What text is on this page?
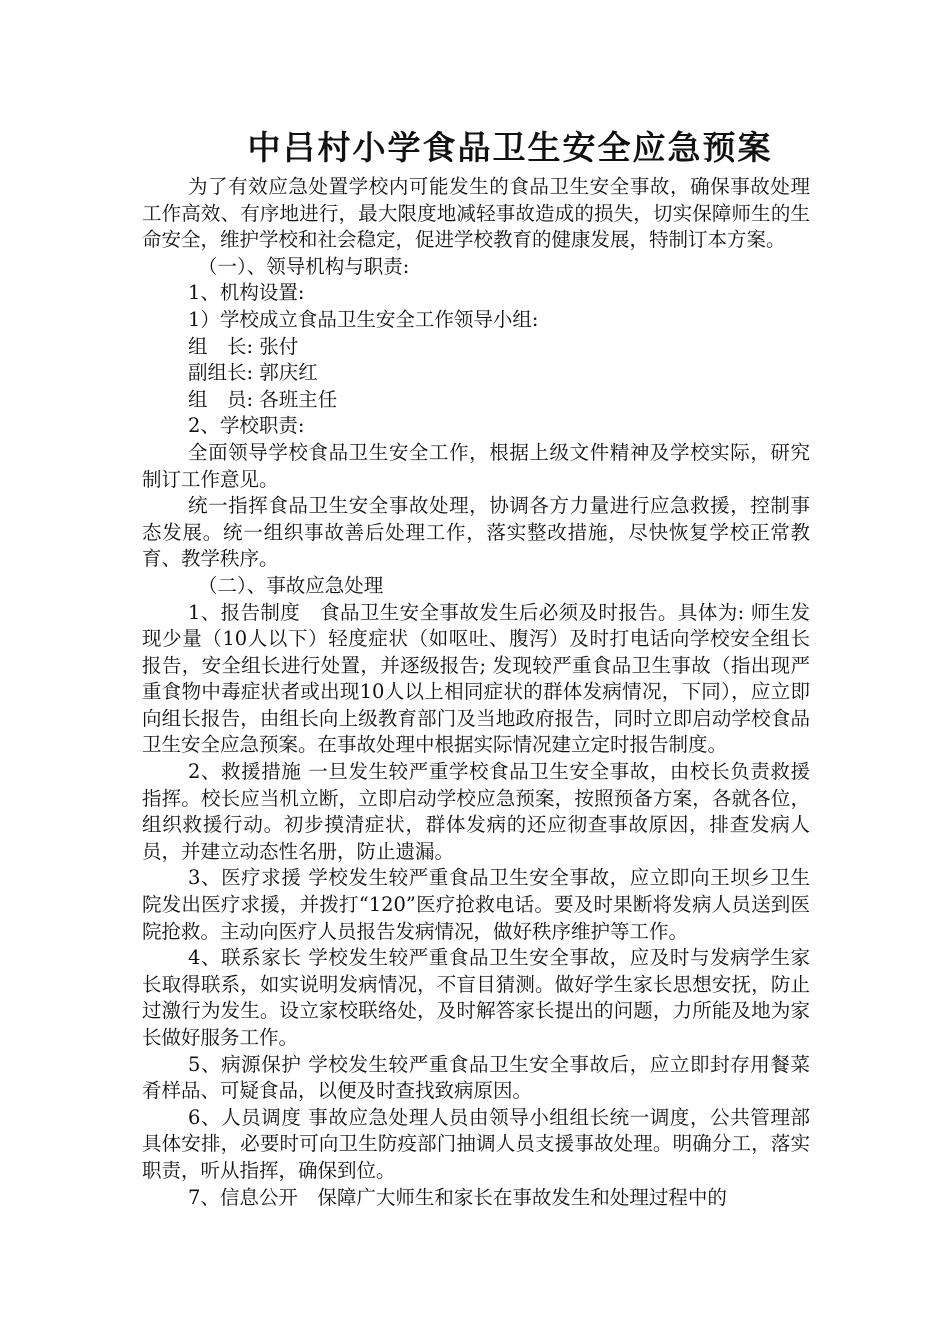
中吕村小学食品卫生安全应急预案

为了有效应急处置学校内可能发生的食品卫生安全事故，确保事故处理工作高效、有序地进行，最大限度地减轻事故造成的损失，切实保障师生的生命安全，维护学校和社会稳定，促进学校教育的健康发展，特制订本方案。

（一）、领导机构与职责:

1、机构设置:

1）学校成立食品卫生安全工作领导小组:

组　长: 张付

副组长: 郭庆红

组　员: 各班主任

2、学校职责:

全面领导学校食品卫生安全工作，根据上级文件精神及学校实际，研究制订工作意见。

统一指挥食品卫生安全事故处理，协调各方力量进行应急救援，控制事态发展。统一组织事故善后处理工作，落实整改措施，尽快恢复学校正常教育、教学秩序。

（二）、事故应急处理

1、报告制度　食品卫生安全事故发生后必须及时报告。具体为: 师生发现少量（10人以下）轻度症状（如呕吐、腹泻）及时打电话向学校安全组长报告，安全组长进行处置，并逐级报告; 发现较严重食品卫生事故（指出现严重食物中毒症状者或出现10人以上相同症状的群体发病情况，下同），应立即向组长报告，由组长向上级教育部门及当地政府报告，同时立即启动学校食品卫生安全应急预案。在事故处理中根据实际情况建立定时报告制度。

2、救援措施 一旦发生较严重学校食品卫生安全事故，由校长负责救援指挥。校长应当机立断，立即启动学校应急预案，按照预备方案，各就各位，组织救援行动。初步摸清症状，群体发病的还应彻查事故原因，排查发病人员，并建立动态性名册，防止遗漏。

3、医疗求援 学校发生较严重食品卫生安全事故，应立即向王坝乡卫生院发出医疗求援，并拨打“120”医疗抢救电话。要及时果断将发病人员送到医院抢救。主动向医疗人员报告发病情况，做好秩序维护等工作。

4、联系家长 学校发生较严重食品卫生安全事故，应及时与发病学生家长取得联系，如实说明发病情况，不盲目猜测。做好学生家长思想安抚，防止过激行为发生。设立家校联络处，及时解答家长提出的问题，力所能及地为家长做好服务工作。

5、病源保护 学校发生较严重食品卫生安全事故后，应立即封存用餐菜肴样品、可疑食品，以便及时查找致病原因。

6、人员调度 事故应急处理人员由领导小组组长统一调度，公共管理部具体安排，必要时可向卫生防疫部门抽调人员支援事故处理。明确分工，落实职责，听从指挥，确保到位。

7、信息公开　保障广大师生和家长在事故发生和处理过程中的
